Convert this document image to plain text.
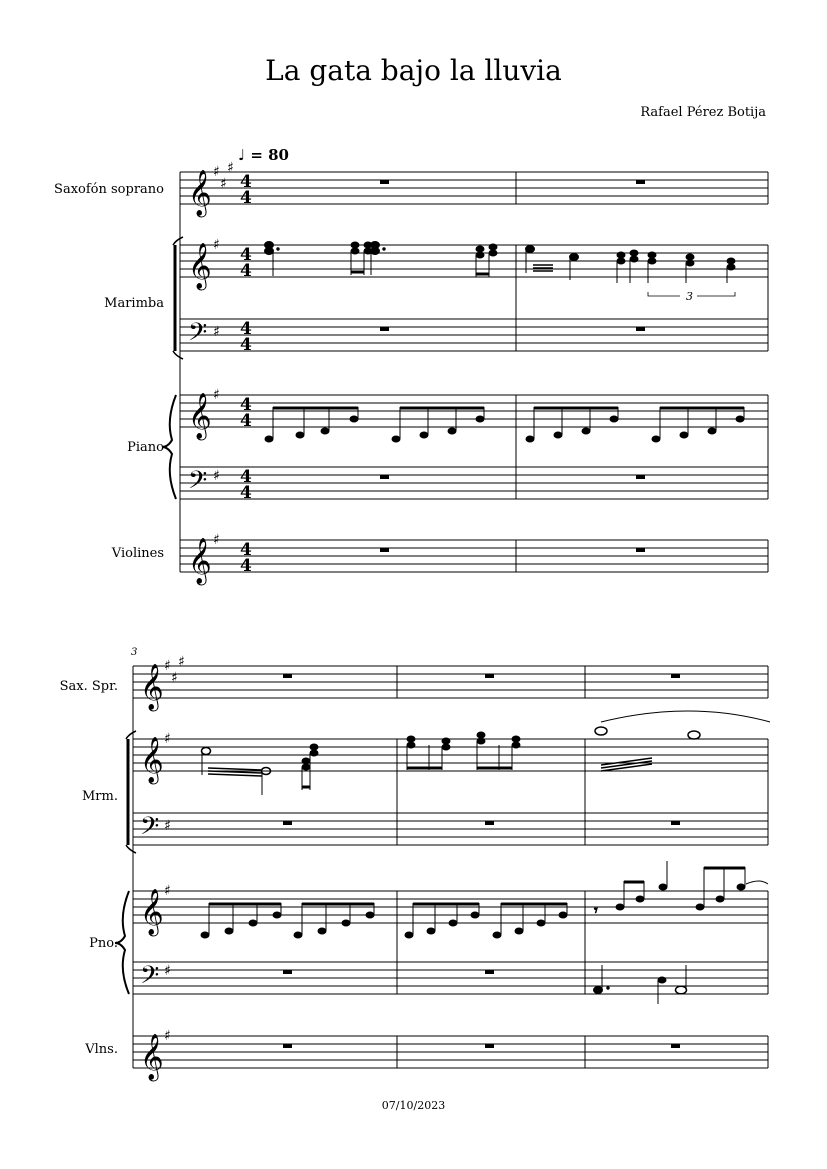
La gata bajo la lluvia
Rafael Pérez Botija
♩ = 80
Saxofón soprano
Marimba
Piano
Violines
3
Sax. Spr.
Mrm.
Pno.
Vlns.
𝄞
𝄞
𝄢
𝄞
𝄢
𝄞
♯
♯
♯
♯
♯
♯
♯
♯
4
4
4
4
4
4
4
4
4
4
4
4
3
𝄞
𝄞
𝄢
𝄞
𝄢
𝄞
♯
♯
♯
♯
♯
♯
♯
♯
𝄾
07/10/2023
